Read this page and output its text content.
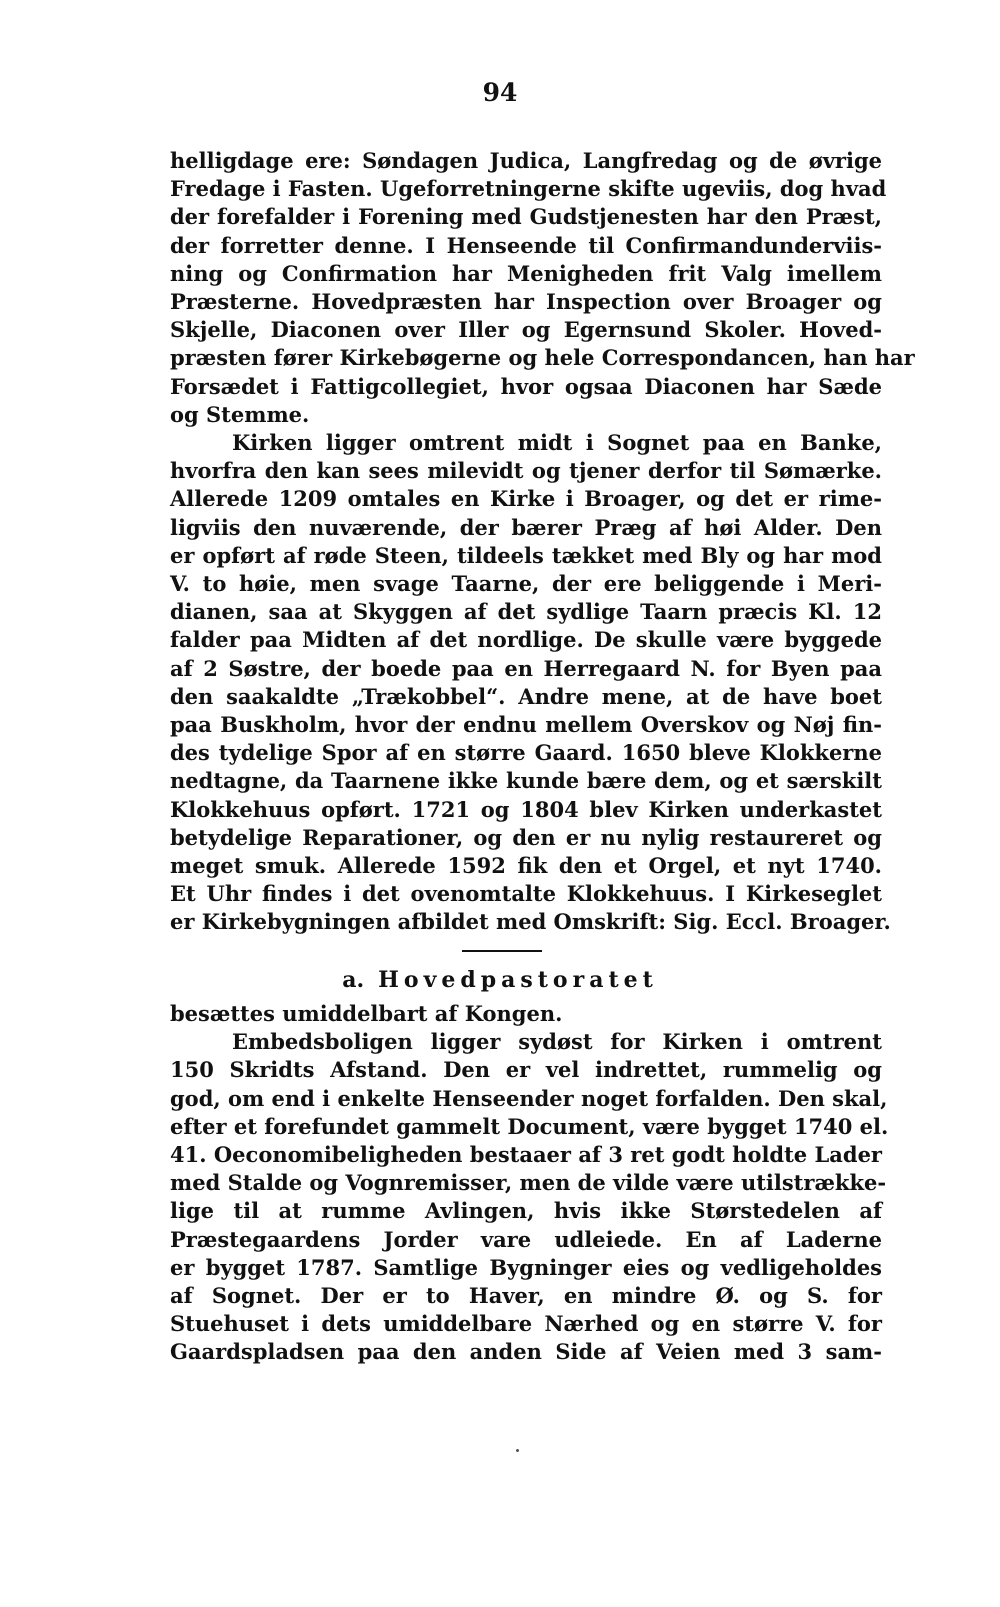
94
helligdage ere: Søndagen Judica, Langfredag og de øvrige
Fredage i Fasten. Ugeforretningerne skifte ugeviis, dog hvad
der forefalder i Forening med Gudstjenesten har den Præst,
der forretter denne. I Henseende til Confirmandunderviis-
ning og Confirmation har Menigheden frit Valg imellem
Præsterne. Hovedpræsten har Inspection over Broager og
Skjelle, Diaconen over Iller og Egernsund Skoler. Hoved-
præsten fører Kirkebøgerne og hele Correspondancen, han har
Forsædet i Fattigcollegiet, hvor ogsaa Diaconen har Sæde
og Stemme.
Kirken ligger omtrent midt i Sognet paa en Banke,
hvorfra den kan sees milevidt og tjener derfor til Sømærke.
Allerede 1209 omtales en Kirke i Broager, og det er rime-
ligviis den nuværende, der bærer Præg af høi Alder. Den
er opført af røde Steen, tildeels tækket med Bly og har mod
V. to høie, men svage Taarne, der ere beliggende i Meri-
dianen, saa at Skyggen af det sydlige Taarn præcis Kl. 12
falder paa Midten af det nordlige. De skulle være byggede
af 2 Søstre, der boede paa en Herregaard N. for Byen paa
den saakaldte „Trækobbel“. Andre mene, at de have boet
paa Buskholm, hvor der endnu mellem Overskov og Nøj fin-
des tydelige Spor af en større Gaard. 1650 bleve Klokkerne
nedtagne, da Taarnene ikke kunde bære dem, og et særskilt
Klokkehuus opført. 1721 og 1804 blev Kirken underkastet
betydelige Reparationer, og den er nu nylig restaureret og
meget smuk. Allerede 1592 fik den et Orgel, et nyt 1740.
Et Uhr findes i det ovenomtalte Klokkehuus. I Kirkeseglet
er Kirkebygningen afbildet med Omskrift: Sig. Eccl. Broager.
a. Hovedpastoratet
besættes umiddelbart af Kongen.
Embedsboligen ligger sydøst for Kirken i omtrent
150 Skridts Afstand. Den er vel indrettet, rummelig og
god, om end i enkelte Henseender noget forfalden. Den skal,
efter et forefundet gammelt Document, være bygget 1740 el.
41. Oeconomibeligheden bestaaer af 3 ret godt holdte Lader
med Stalde og Vognremisser, men de vilde være utilstrække-
lige til at rumme Avlingen, hvis ikke Størstedelen af
Præstegaardens Jorder vare udleiede. En af Laderne
er bygget 1787. Samtlige Bygninger eies og vedligeholdes
af Sognet. Der er to Haver, en mindre Ø. og S. for
Stuehuset i dets umiddelbare Nærhed og en større V. for
Gaardspladsen paa den anden Side af Veien med 3 sam-
